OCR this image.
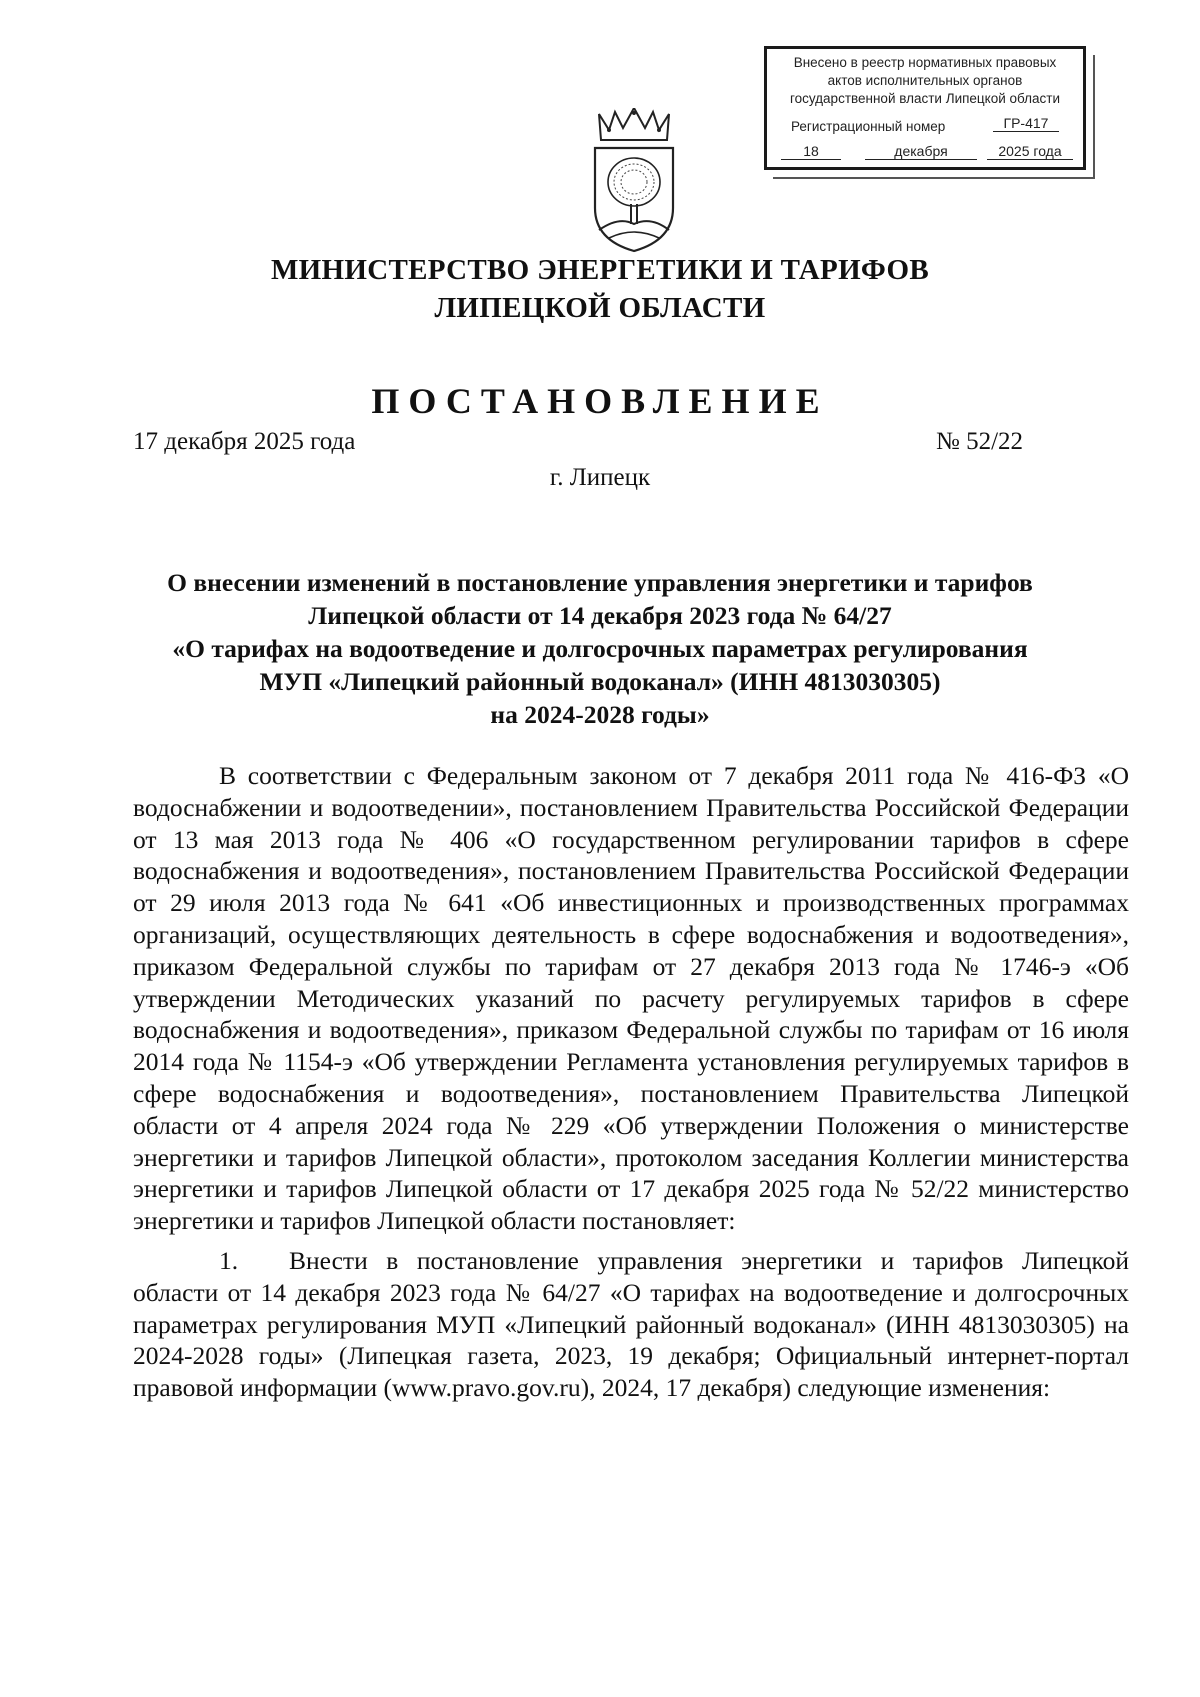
Внесено в реестр нормативных правовых
актов исполнительных органов
государственной власти Липецкой области
Регистрационный номер	ГР-417
18	декабря	2025 года
МИНИСТЕРСТВО ЭНЕРГЕТИКИ И ТАРИФОВ
ЛИПЕЦКОЙ ОБЛАСТИ
ПОСТАНОВЛЕНИЕ
17 декабря 2025 года	№ 52/22
г. Липецк
О внесении изменений в постановление управления энергетики и тарифов
Липецкой области от 14 декабря 2023 года № 64/27
«О тарифах на водоотведение и долгосрочных параметрах регулирования
МУП «Липецкий районный водоканал» (ИНН 4813030305)
на 2024-2028 годы»

В соответствии с Федеральным законом от 7 декабря 2011 года № 416-ФЗ «О водоснабжении и водоотведении», постановлением Правительства Российской Федерации от 13 мая 2013 года № 406 «О государственном регулировании тарифов в сфере водоснабжения и водоотведения», постановлением Правительства Российской Федерации от 29 июля 2013 года № 641 «Об инвестиционных и производственных программах организаций, осуществляющих деятельность в сфере водоснабжения и водоотведения», приказом Федеральной службы по тарифам от 27 декабря 2013 года № 1746-э «Об утверждении Методических указаний по расчету регулируемых тарифов в сфере водоснабжения и водоотведения», приказом Федеральной службы по тарифам от 16 июля 2014 года № 1154-э «Об утверждении Регламента установления регулируемых тарифов в сфере водоснабжения и водоотведения», постановлением Правительства Липецкой области от 4 апреля 2024 года № 229 «Об утверждении Положения о министерстве энергетики и тарифов Липецкой области», протоколом заседания Коллегии министерства энергетики и тарифов Липецкой области от 17 декабря 2025 года № 52/22 министерство энергетики и тарифов Липецкой области постановляет:

1. Внести в постановление управления энергетики и тарифов Липецкой области от 14 декабря 2023 года № 64/27 «О тарифах на водоотведение и долгосрочных параметрах регулирования МУП «Липецкий районный водоканал» (ИНН 4813030305) на 2024-2028 годы» (Липецкая газета, 2023, 19 декабря; Официальный интернет-портал правовой информации (www.pravo.gov.ru), 2024, 17 декабря) следующие изменения:
